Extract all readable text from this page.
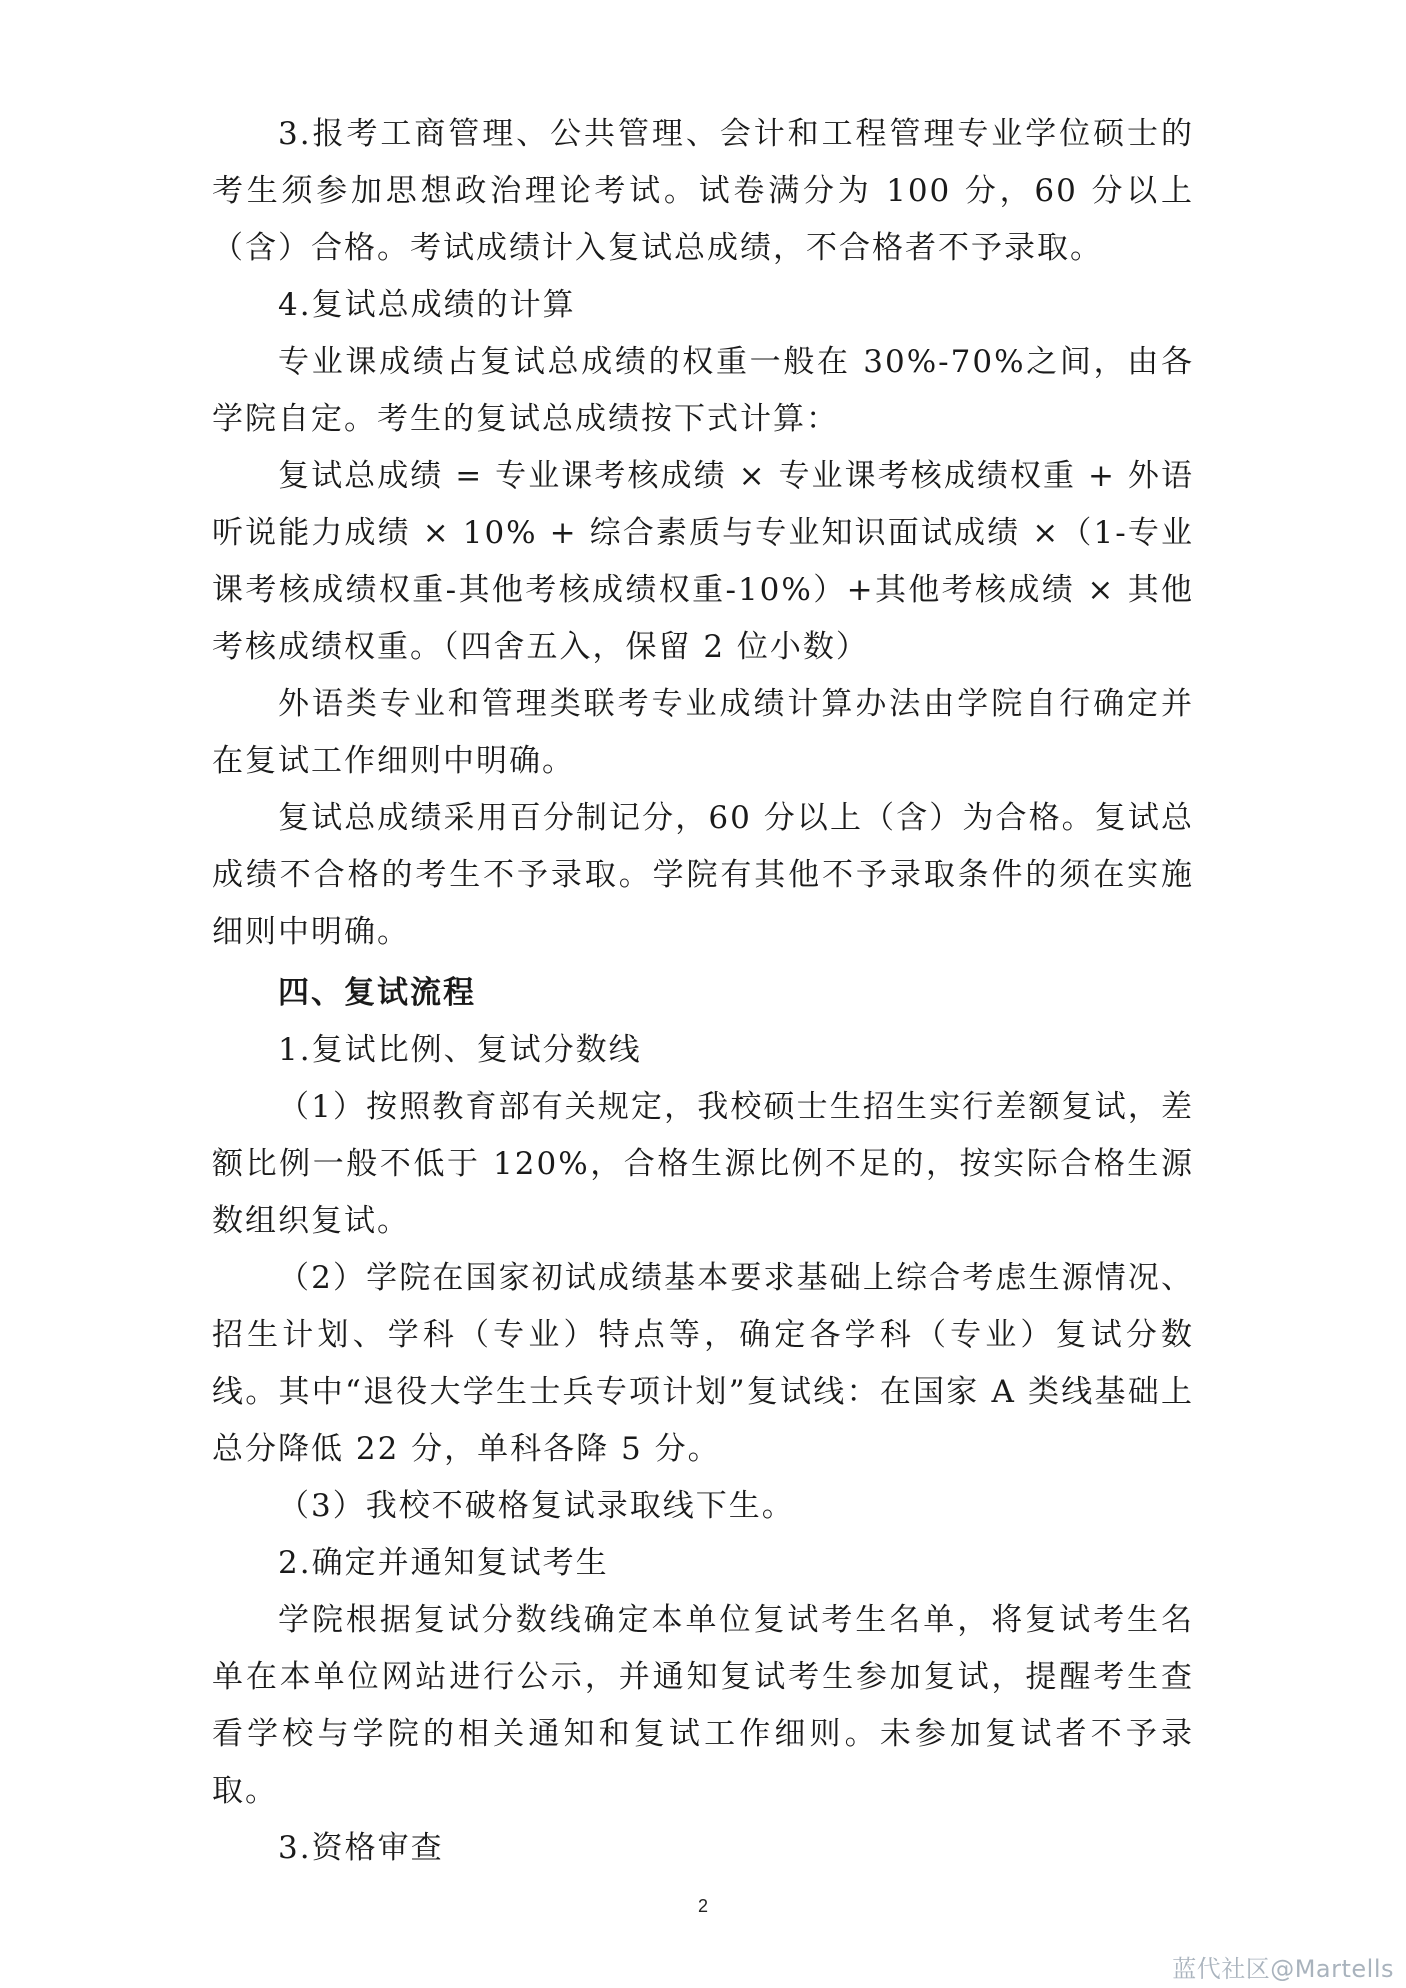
3.报考工商管理、公共管理、会计和工程管理专业学位硕士的考生须参加思想政治理论考试。试卷满分为 100 分，60 分以上（含）合格。考试成绩计入复试总成绩，不合格者不予录取。

4.复试总成绩的计算

专业课成绩占复试总成绩的权重一般在 30%-70%之间，由各学院自定。考生的复试总成绩按下式计算：

复试总成绩 = 专业课考核成绩 × 专业课考核成绩权重 + 外语听说能力成绩 × 10% + 综合素质与专业知识面试成绩 ×（1-专业课考核成绩权重-其他考核成绩权重-10%）+其他考核成绩 × 其他考核成绩权重。（四舍五入，保留 2 位小数）

外语类专业和管理类联考专业成绩计算办法由学院自行确定并在复试工作细则中明确。

复试总成绩采用百分制记分，60 分以上（含）为合格。复试总成绩不合格的考生不予录取。学院有其他不予录取条件的须在实施细则中明确。

四、复试流程

1.复试比例、复试分数线

（1）按照教育部有关规定，我校硕士生招生实行差额复试，差额比例一般不低于 120%，合格生源比例不足的，按实际合格生源数组织复试。

（2）学院在国家初试成绩基本要求基础上综合考虑生源情况、招生计划、学科（专业）特点等，确定各学科（专业）复试分数线。其中“退役大学生士兵专项计划”复试线：在国家 A 类线基础上总分降低 22 分，单科各降 5 分。

（3）我校不破格复试录取线下生。

2.确定并通知复试考生

学院根据复试分数线确定本单位复试考生名单，将复试考生名单在本单位网站进行公示，并通知复试考生参加复试，提醒考生查看学校与学院的相关通知和复试工作细则。未参加复试者不予录取。

3.资格审查

2
蓝代社区@Martells
